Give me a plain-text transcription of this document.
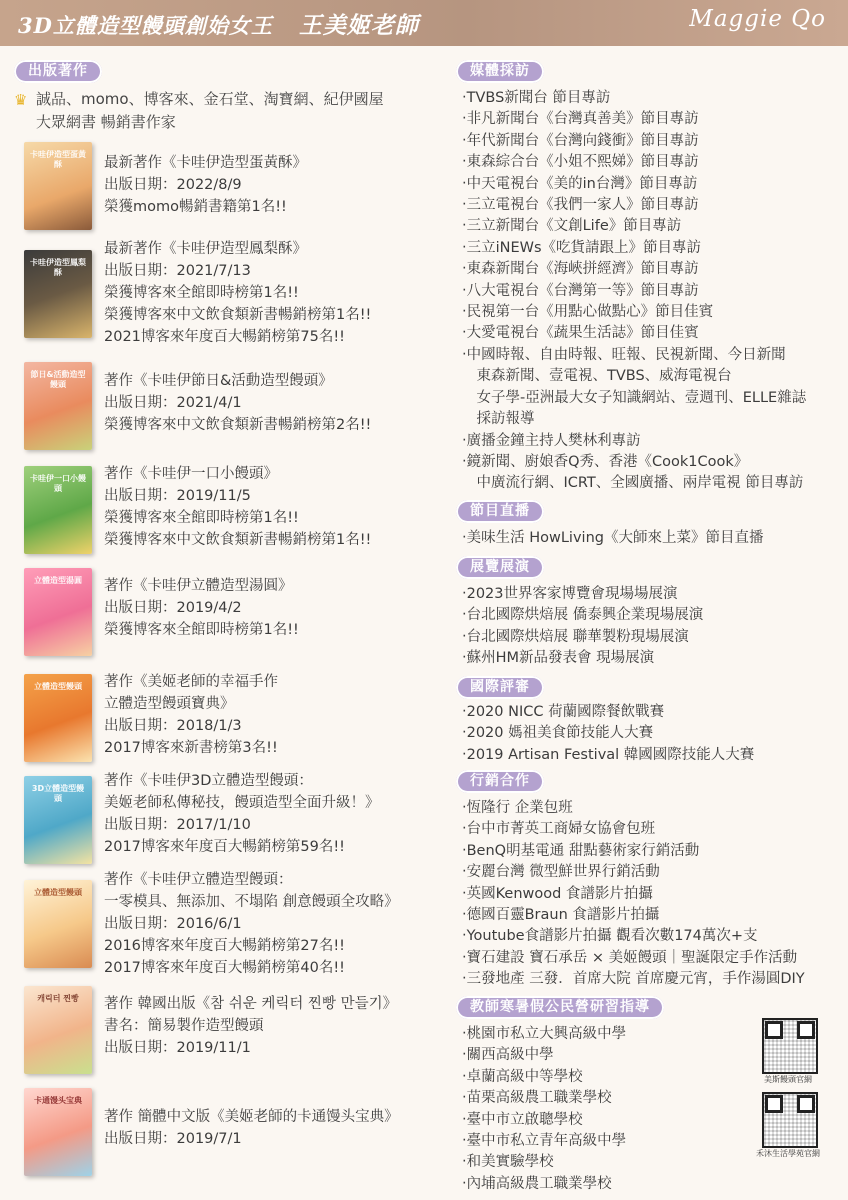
3D立體造型饅頭創始女王 王美姬老師	Maggie Qo
出版著作
♛ 誠品、momo、博客來、金石堂、淘寶網、紀伊國屋
大眾網書 暢銷書作家
卡哇伊造型蛋黃酥	最新著作《卡哇伊造型蛋黃酥》
出版日期：2022/8/9
榮獲momo暢銷書籍第1名!!
卡哇伊造型鳳梨酥
最新著作《卡哇伊造型鳳梨酥》
出版日期：2021/7/13
榮獲博客來全館即時榜第1名!!
榮獲博客來中文飲食類新書暢銷榜第1名!!
2021博客來年度百大暢銷榜第75名!!
節日&活動造型饅頭	著作《卡哇伊節日&活動造型饅頭》
出版日期：2021/4/1
榮獲博客來中文飲食類新書暢銷榜第2名!!
卡哇伊一口小饅頭
著作《卡哇伊一口小饅頭》
出版日期：2019/11/5
榮獲博客來全館即時榜第1名!!
榮獲博客來中文飲食類新書暢銷榜第1名!!
立體造型湯圓 著作《卡哇伊立體造型湯圓》
出版日期：2019/4/2
榮獲博客來全館即時榜第1名!!
立體造型饅頭 著作《美姬老師的幸福手作
立體造型饅頭寶典》
出版日期：2018/1/3
2017博客來新書榜第3名!!
3D立體造型饅頭
著作《卡哇伊3D立體造型饅頭：
美姬老師私傳秘技，饅頭造型全面升級！》
出版日期：2017/1/10
2017博客來年度百大暢銷榜第59名!!
立體造型饅頭
著作《卡哇伊立體造型饅頭：
一零模具、無添加、不塌陷 創意饅頭全攻略》
出版日期：2016/6/1
2016博客來年度百大暢銷榜第27名!!
2017博客來年度百大暢銷榜第40名!!
캐릭터 찐빵	著作 韓國出版《참 쉬운 케릭터 찐빵 만들기》
書名：簡易製作造型饅頭
出版日期：2019/11/1
卡通馒头宝典
著作 簡體中文版《美姬老師的卡通馒头宝典》
出版日期：2019/7/1
媒體採訪
‧TVBS新聞台 節目專訪
‧非凡新聞台《台灣真善美》節目專訪
‧年代新聞台《台灣向錢衝》節目專訪
‧東森綜合台《小姐不熙娣》節目專訪
‧中天電視台《美的in台灣》節目專訪
‧三立電視台《我們一家人》節目專訪
‧三立新聞台《文創Life》節目專訪
‧三立iNEWs《吃貨請跟上》節目專訪
‧東森新聞台《海峽拼經濟》節目專訪
‧八大電視台《台灣第一等》節目專訪
‧民視第一台《用點心做點心》節目佳賓
‧大愛電視台《蔬果生活誌》節目佳賓
‧中國時報、自由時報、旺報、民視新聞、今日新聞
　東森新聞、壹電視、TVBS、威海電視台
　女子學-亞洲最大女子知識網站、壹週刊、ELLE雜誌
　採訪報導
‧廣播金鐘主持人樊林利專訪
‧鏡新聞、廚娘香Q秀、香港《Cook1Cook》
　中廣流行網、ICRT、全國廣播、兩岸電視 節目專訪
節目直播
‧美味生活 HowLiving《大師來上菜》節目直播
展覽展演
‧2023世界客家博覽會現場場展演
‧台北國際烘焙展 僑泰興企業現場展演
‧台北國際烘焙展 聯華製粉現場展演
‧蘇州HM新品發表會 現場展演
國際評審
‧2020 NICC 荷蘭國際餐飲戰賽
‧2020 媽祖美食節技能人大賽
‧2019 Artisan Festival 韓國國際技能人大賽
行銷合作
‧恆隆行 企業包班
‧台中市菁英工商婦女協會包班
‧BenQ明基電通 甜點藝術家行銷活動
‧安麗台灣 微型鮮世界行銷活動
‧英國Kenwood 食譜影片拍攝
‧德國百靈Braun 食譜影片拍攝
‧Youtube食譜影片拍攝 觀看次數174萬次+支
‧寶石建設 寶石承岳 × 美姬饅頭｜聖誕限定手作活動
‧三發地產 三發．首席大院 首席慶元宵，手作湯圓DIY
教師寒暑假公民營研習指導
‧桃園市私立大興高級中學
‧關西高級中學
‧卓蘭高級中等學校
‧苗栗高級農工職業學校
‧臺中市立啟聰學校
‧臺中市私立青年高級中學
‧和美實驗學校
‧內埔高級農工職業學校
美斯饅頭官網
禾沐生活學苑官網
